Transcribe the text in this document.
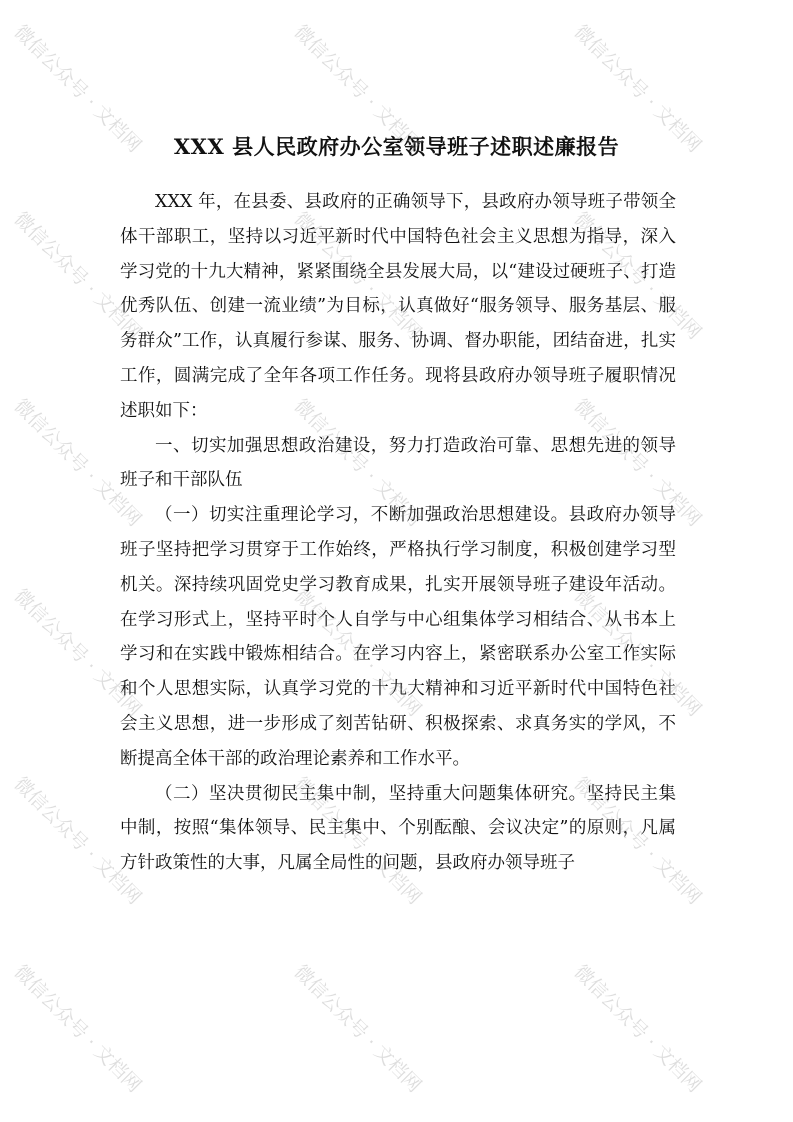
XXX 县人民政府办公室领导班子述职述廉报告

XXX 年，在县委、县政府的正确领导下，县政府办领导班子带领全体干部职工，坚持以习近平新时代中国特色社会主义思想为指导，深入学习党的十九大精神，紧紧围绕全县发展大局，以“建设过硬班子、打造优秀队伍、创建一流业绩”为目标，认真做好“服务领导、服务基层、服务群众”工作，认真履行参谋、服务、协调、督办职能，团结奋进，扎实工作，圆满完成了全年各项工作任务。现将县政府办领导班子履职情况述职如下：

一、切实加强思想政治建设，努力打造政治可靠、思想先进的领导班子和干部队伍

（一）切实注重理论学习，不断加强政治思想建设。县政府办领导班子坚持把学习贯穿于工作始终，严格执行学习制度，积极创建学习型机关。深持续巩固党史学习教育成果，扎实开展领导班子建设年活动。在学习形式上，坚持平时个人自学与中心组集体学习相结合、从书本上学习和在实践中锻炼相结合。在学习内容上，紧密联系办公室工作实际和个人思想实际，认真学习党的十九大精神和习近平新时代中国特色社会主义思想，进一步形成了刻苦钻研、积极探索、求真务实的学风，不断提高全体干部的政治理论素养和工作水平。

（二）坚决贯彻民主集中制，坚持重大问题集体研究。坚持民主集中制，按照“集体领导、民主集中、个别酝酿、会议决定”的原则，凡属方针政策性的大事，凡属全局性的问题，县政府办领导班子

微信公众号 · 文档网	微信公众号 · 文档网	微信公众号 · 文档网
微信公众号 · 文档网	微信公众号 · 文档网	微信公众号 · 文档网
微信公众号 · 文档网	微信公众号 · 文档网	微信公众号 · 文档网
微信公众号 · 文档网	微信公众号 · 文档网	微信公众号 · 文档网
微信公众号 · 文档网	微信公众号 · 文档网	微信公众号 · 文档网
微信公众号 · 文档网	微信公众号 · 文档网	微信公众号 · 文档网
